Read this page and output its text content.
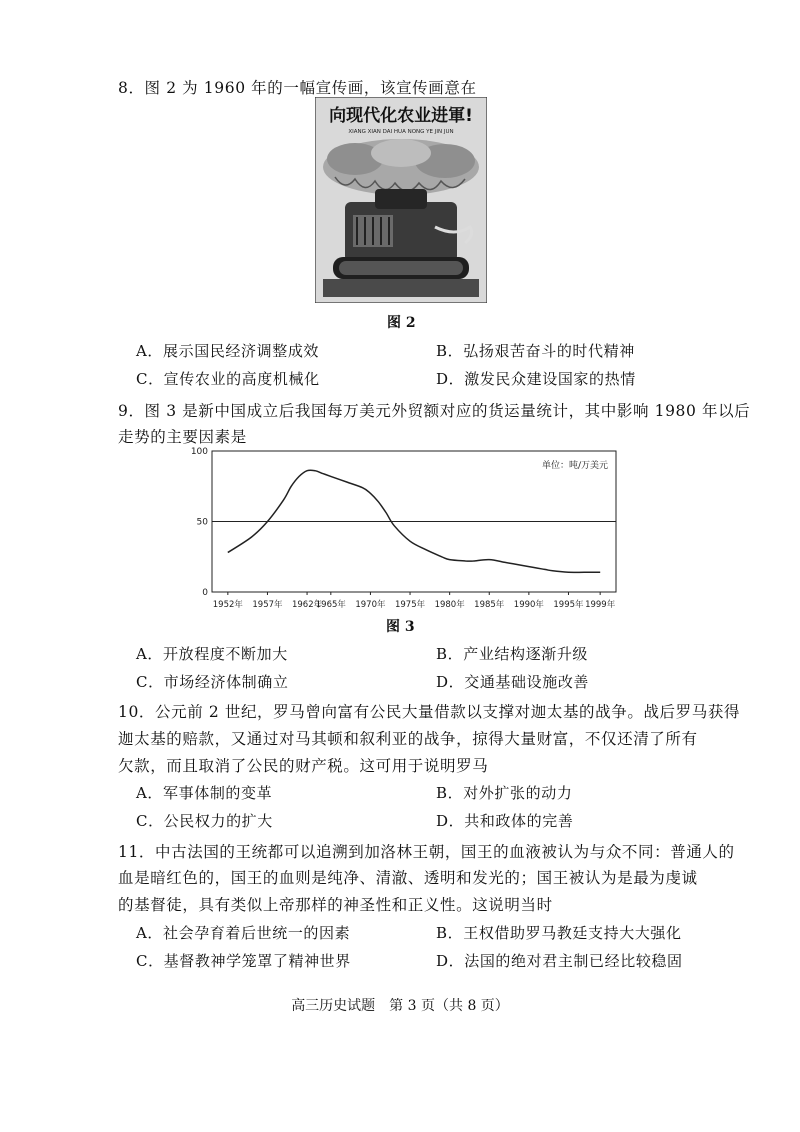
8．图 2 为 1960 年的一幅宣传画，该宣传画意在
向现代化农业进軍!
XIANG XIAN DAI HUA NONG YE JIN JUN
图 2
A．展示国民经济调整成效	B．弘扬艰苦奋斗的时代精神
C．宣传农业的高度机械化	D．激发民众建设国家的热情
9．图 3 是新中国成立后我国每万美元外贸额对应的货运量统计，其中影响 1980 年以后
走势的主要因素是
0
50
100
1952年 1957年 1962年
1965年 1970年 1975年 1980年 1985年 1990年 1995年 1999年
单位：吨/万美元
图 3
A．开放程度不断加大	B．产业结构逐渐升级
C．市场经济体制确立	D．交通基础设施改善
10．公元前 2 世纪，罗马曾向富有公民大量借款以支撑对迦太基的战争。战后罗马获得
迦太基的赔款，又通过对马其顿和叙利亚的战争，掠得大量财富，不仅还清了所有
欠款，而且取消了公民的财产税。这可用于说明罗马
A．军事体制的变革	B．对外扩张的动力
C．公民权力的扩大	D．共和政体的完善
11．中古法国的王统都可以追溯到加洛林王朝，国王的血液被认为与众不同：普通人的
血是暗红色的，国王的血则是纯净、清澈、透明和发光的；国王被认为是最为虔诚
的基督徒，具有类似上帝那样的神圣性和正义性。这说明当时
A．社会孕育着后世统一的因素	B．王权借助罗马教廷支持大大强化
C．基督教神学笼罩了精神世界	D．法国的绝对君主制已经比较稳固
高三历史试题　第 3 页（共 8 页）
